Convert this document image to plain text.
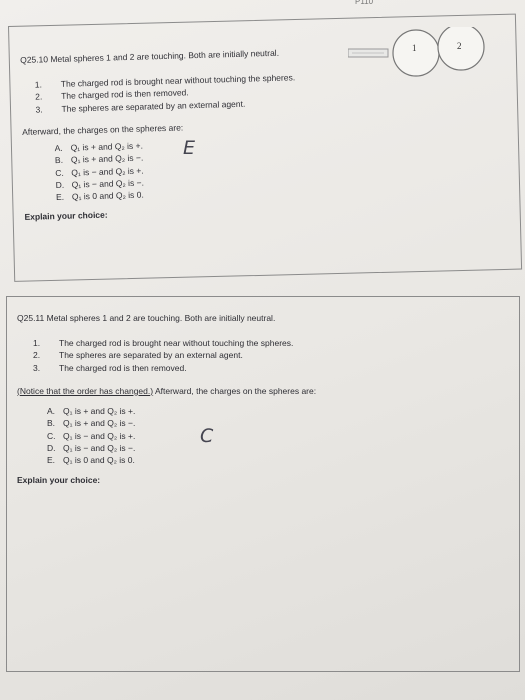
P110
1	2
Q25.10 Metal spheres 1 and 2 are touching. Both are initially neutral.
1.	The charged rod is brought near without touching the spheres.
2.	The charged rod is then removed.
3.	The spheres are separated by an external agent.
Afterward, the charges on the spheres are:
A. Q₁ is + and Q₂ is +.
B. Q₁ is + and Q₂ is −.
C. Q₁ is − and Q₂ is +.
D. Q₁ is − and Q₂ is −.
E. Q₁ is 0 and Q₂ is 0.
Explain your choice:
E
Q25.11 Metal spheres 1 and 2 are touching. Both are initially neutral.
1.	The charged rod is brought near without touching the spheres.
2.	The spheres are separated by an external agent.
3.	The charged rod is then removed.
(Notice that the order has changed.) Afterward, the charges on the spheres are:
A. Q₁ is + and Q₂ is +.
B. Q₁ is + and Q₂ is −.
C. Q₁ is − and Q₂ is +.
D. Q₁ is − and Q₂ is −.
E. Q₁ is 0 and Q₂ is 0.
Explain your choice:
C
